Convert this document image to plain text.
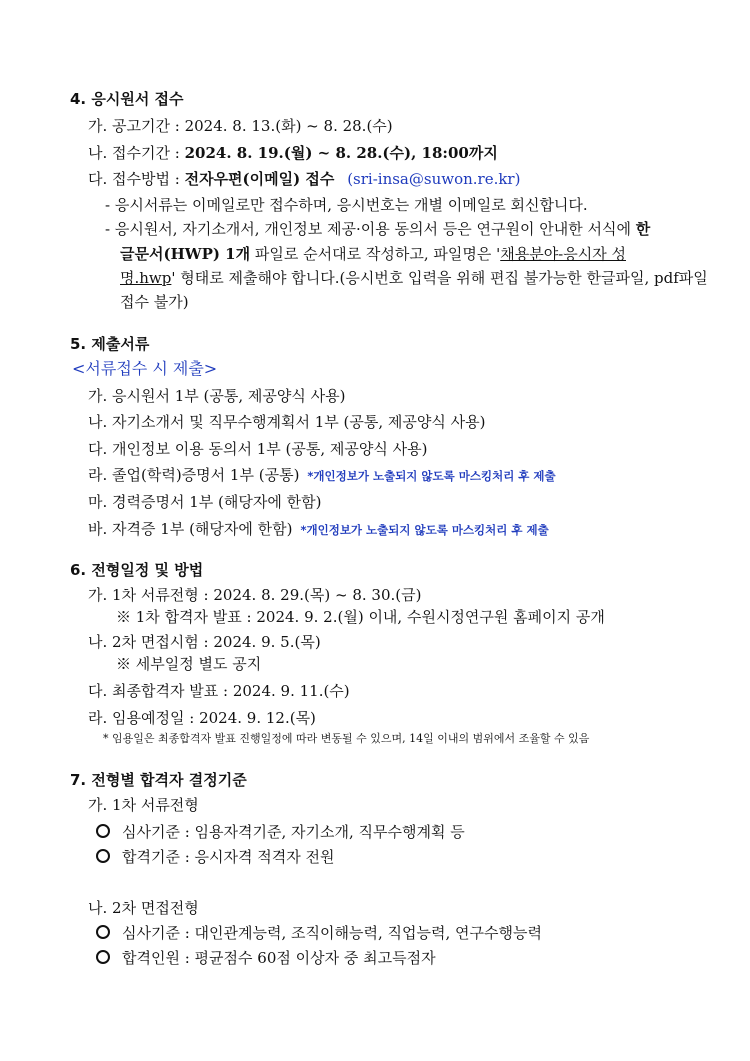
4. 응시원서 접수
가. 공고기간 : 2024. 8. 13.(화) ~ 8. 28.(수)
나. 접수기간 : 2024. 8. 19.(월) ~ 8. 28.(수), 18:00까지
다. 접수방법 : 전자우편(이메일) 접수 (sri-insa@suwon.re.kr)
- 응시서류는 이메일로만 접수하며, 응시번호는 개별 이메일로 회신합니다.
- 응시원서, 자기소개서, 개인정보 제공·이용 동의서 등은 연구원이 안내한 서식에 한
글문서(HWP) 1개 파일로 순서대로 작성하고, 파일명은 '채용분야-응시자 성
명.hwp' 형태로 제출해야 합니다.(응시번호 입력을 위해 편집 불가능한 한글파일, pdf파일
접수 불가)
5. 제출서류
<서류접수 시 제출>
가. 응시원서 1부 (공통, 제공양식 사용)
나. 자기소개서 및 직무수행계획서 1부 (공통, 제공양식 사용)
다. 개인정보 이용 동의서 1부 (공통, 제공양식 사용)
라. 졸업(학력)증명서 1부 (공통) *개인정보가 노출되지 않도록 마스킹처리 후 제출
마. 경력증명서 1부 (해당자에 한함)
바. 자격증 1부 (해당자에 한함) *개인정보가 노출되지 않도록 마스킹처리 후 제출
6. 전형일정 및 방법
가. 1차 서류전형 : 2024. 8. 29.(목) ~ 8. 30.(금)
※ 1차 합격자 발표 : 2024. 9. 2.(월) 이내, 수원시정연구원 홈페이지 공개
나. 2차 면접시험 : 2024. 9. 5.(목)
※ 세부일정 별도 공지
다. 최종합격자 발표 : 2024. 9. 11.(수)
라. 임용예정일 : 2024. 9. 12.(목)
* 임용일은 최종합격자 발표 진행일정에 따라 변동될 수 있으며, 14일 이내의 범위에서 조율할 수 있음
7. 전형별 합격자 결정기준
가. 1차 서류전형
심사기준 : 임용자격기준, 자기소개, 직무수행계획 등
합격기준 : 응시자격 적격자 전원
나. 2차 면접전형
심사기준 : 대인관계능력, 조직이해능력, 직업능력, 연구수행능력
합격인원 : 평균점수 60점 이상자 중 최고득점자
